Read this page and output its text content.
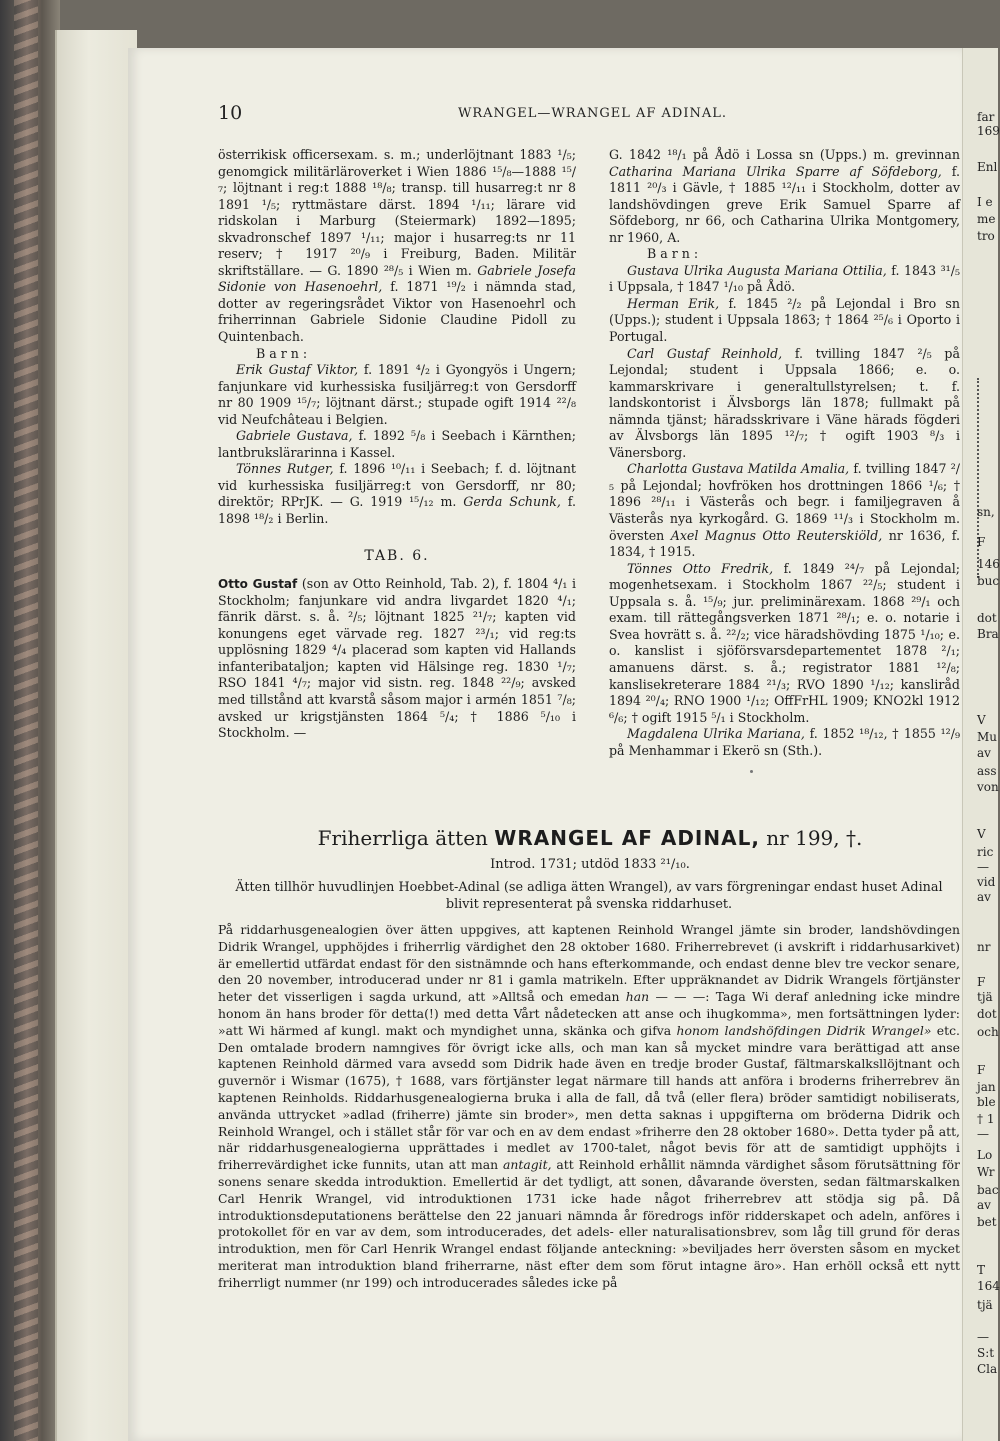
far
169
Enl
I e
me
tro
sn,
F
146
buc
dot
Bra
V
Mu
av
ass
von
V
ric
—
vid
av
nr
F
tjä
dot
och
F
jan
ble
† 1
—
Lo
Wr
bac
av
bet
T
164
tjä
—
S:t
Cla
10	WRANGEL—WRANGEL AF ADINAL.

österrikisk officersexam. s. m.; underlöjtnant 1883 ¹/₅; genomgick militärläroverket i Wien 1886 ¹⁵/₈—1888 ¹⁵/₇; löjtnant i reg:t 1888 ¹⁸/₈; transp. till husarreg:t nr 8 1891 ¹/₅; ryttmästare därst. 1894 ¹/₁₁; lärare vid ridskolan i Marburg (Steiermark) 1892—1895; skvadronschef 1897 ¹/₁₁; major i husarreg:ts nr 11 reserv; † 1917 ²⁰/₉ i Freiburg, Baden. Militär skriftställare. — G. 1890 ²⁸/₅ i Wien m. Gabriele Josefa Sidonie von Hasenoehrl, f. 1871 ¹⁹/₂ i nämnda stad, dotter av regeringsrådet Viktor von Hasenoehrl och friherrinnan Gabriele Sidonie Claudine Pidoll zu Quintenbach.

Barn:

Erik Gustaf Viktor, f. 1891 ⁴/₂ i Gyongyös i Ungern; fanjunkare vid kurhessiska fusiljärreg:t von Gersdorff nr 80 1909 ¹⁵/₇; löjtnant därst.; stupade ogift 1914 ²²/₈ vid Neufchâteau i Belgien.

Gabriele Gustava, f. 1892 ⁵/₈ i Seebach i Kärnthen; lantbrukslärarinna i Kassel.

Tönnes Rutger, f. 1896 ¹⁰/₁₁ i Seebach; f. d. löjtnant vid kurhessiska fusiljärreg:t von Gersdorff, nr 80; direktör; RPrJK. — G. 1919 ¹⁵/₁₂ m. Gerda Schunk, f. 1898 ¹⁸/₂ i Berlin.

TAB. 6.

Otto Gustaf (son av Otto Reinhold, Tab. 2), f. 1804 ⁴/₁ i Stockholm; fanjunkare vid andra livgardet 1820 ⁴/₁; fänrik därst. s. å. ²/₅; löjtnant 1825 ²¹/₇; kapten vid konungens eget värvade reg. 1827 ²³/₁; vid reg:ts upplösning 1829 ⁴/₄ placerad som kapten vid Hallands infanteribataljon; kapten vid Hälsinge reg. 1830 ¹/₇; RSO 1841 ⁴/₇; major vid sistn. reg. 1848 ²²/₉; avsked med tillstånd att kvarstå såsom major i armén 1851 ⁷/₈; avsked ur krigstjänsten 1864 ⁵/₄; † 1886 ⁵/₁₀ i Stockholm. —

G. 1842 ¹⁸/₁ på Ådö i Lossa sn (Upps.) m. grevinnan Catharina Mariana Ulrika Sparre af Söfdeborg, f. 1811 ²⁰/₃ i Gävle, † 1885 ¹²/₁₁ i Stockholm, dotter av landshövdingen greve Erik Samuel Sparre af Söfdeborg, nr 66, och Catharina Ulrika Montgomery, nr 1960, A.

Barn:

Gustava Ulrika Augusta Mariana Ottilia, f. 1843 ³¹/₅ i Uppsala, † 1847 ¹/₁₀ på Ådö.

Herman Erik, f. 1845 ²/₂ på Lejondal i Bro sn (Upps.); student i Uppsala 1863; † 1864 ²⁵/₆ i Oporto i Portugal.

Carl Gustaf Reinhold, f. tvilling 1847 ²/₅ på Lejondal; student i Uppsala 1866; e. o. kammarskrivare i generaltullstyrelsen; t. f. landskontorist i Älvsborgs län 1878; fullmakt på nämnda tjänst; häradsskrivare i Väne härads fögderi av Älvsborgs län 1895 ¹²/₇; † ogift 1903 ⁸/₃ i Vänersborg.

Charlotta Gustava Matilda Amalia, f. tvilling 1847 ²/₅ på Lejondal; hovfröken hos drottningen 1866 ¹/₆; † 1896 ²⁸/₁₁ i Västerås och begr. i familjegraven å Västerås nya kyrkogård. G. 1869 ¹¹/₃ i Stockholm m. översten Axel Magnus Otto Reuterskiöld, nr 1636, f. 1834, † 1915.

Tönnes Otto Fredrik, f. 1849 ²⁴/₇ på Lejondal; mogenhetsexam. i Stockholm 1867 ²²/₅; student i Uppsala s. å. ¹⁵/₉; jur. preliminärexam. 1868 ²⁹/₁ och exam. till rättegångsverken 1871 ²⁸/₁; e. o. notarie i Svea hovrätt s. å. ²²/₂; vice häradshövding 1875 ¹/₁₀; e. o. kanslist i sjöförsvarsdepartementet 1878 ²/₁; amanuens därst. s. å.; registrator 1881 ¹²/₈; kanslisekreterare 1884 ²¹/₃; RVO 1890 ¹/₁₂; kansliråd 1894 ²⁰/₄; RNO 1900 ¹/₁₂; OffFrHL 1909; KNO2kl 1912 ⁶/₆; † ogift 1915 ⁵/₁ i Stockholm.

Magdalena Ulrika Mariana, f. 1852 ¹⁸/₁₂, † 1855 ¹²/₉ på Menhammar i Ekerö sn (Sth.).

Friherrliga ätten WRANGEL AF ADINAL, nr 199, †.
Introd. 1731; utdöd 1833 ²¹/₁₀.
Ätten tillhör huvudlinjen Hoebbet-Adinal (se adliga ätten Wrangel), av vars förgreningar endast huset Adinal blivit representerat på svenska riddarhuset.
På riddarhusgenealogien över ätten uppgives, att kaptenen Reinhold Wrangel jämte sin broder, landshövdingen Didrik Wrangel, upphöjdes i friherrlig värdighet den 28 oktober 1680. Friherrebrevet (i avskrift i riddarhusarkivet) är emellertid utfärdat endast för den sistnämnde och hans efterkommande, och endast denne blev tre veckor senare, den 20 november, introducerad under nr 81 i gamla matrikeln. Efter uppräknandet av Didrik Wrangels förtjänster heter det visserligen i sagda urkund, att »Alltså och emedan han — — —: Taga Wi deraf anledning icke mindre honom än hans broder för detta(!) med detta Vårt nådetecken att anse och ihugkomma», men fortsättningen lyder: »att Wi härmed af kungl. makt och myndighet unna, skänka och gifva honom landshöfdingen Didrik Wrangel» etc. Den omtalade brodern namngives för övrigt icke alls, och man kan så mycket mindre vara berättigad att anse kaptenen Reinhold därmed vara avsedd som Didrik hade även en tredje broder Gustaf, fältmarskalksllöjtnant och guvernör i Wismar (1675), † 1688, vars förtjänster legat närmare till hands att anföra i broderns friherrebrev än kaptenen Reinholds. Riddarhusgenealogierna bruka i alla de fall, då två (eller flera) bröder samtidigt nobiliserats, använda uttrycket »adlad (friherre) jämte sin broder», men detta saknas i uppgifterna om bröderna Didrik och Reinhold Wrangel, och i stället står för var och en av dem endast »friherre den 28 oktober 1680». Detta tyder på att, när riddarhusgenealogierna upprättades i medlet av 1700-talet, något bevis för att de samtidigt upphöjts i friherrevärdighet icke funnits, utan att man antagit, att Reinhold erhållit nämnda värdighet såsom förutsättning för sonens senare skedda introduktion. Emellertid är det tydligt, att sonen, dåvarande översten, sedan fältmarskalken Carl Henrik Wrangel, vid introduktionen 1731 icke hade något friherrebrev att stödja sig på. Då introduktionsdeputationens berättelse den 22 januari nämnda år föredrogs inför ridderskapet och adeln, anföres i protokollet för en var av dem, som introducerades, det adels- eller naturalisationsbrev, som låg till grund för deras introduktion, men för Carl Henrik Wrangel endast följande anteckning: »beviljades herr översten såsom en mycket meriterat man introduktion bland friherrarne, näst efter dem som förut intagne äro». Han erhöll också ett nytt friherrligt nummer (nr 199) och introducerades således icke på
